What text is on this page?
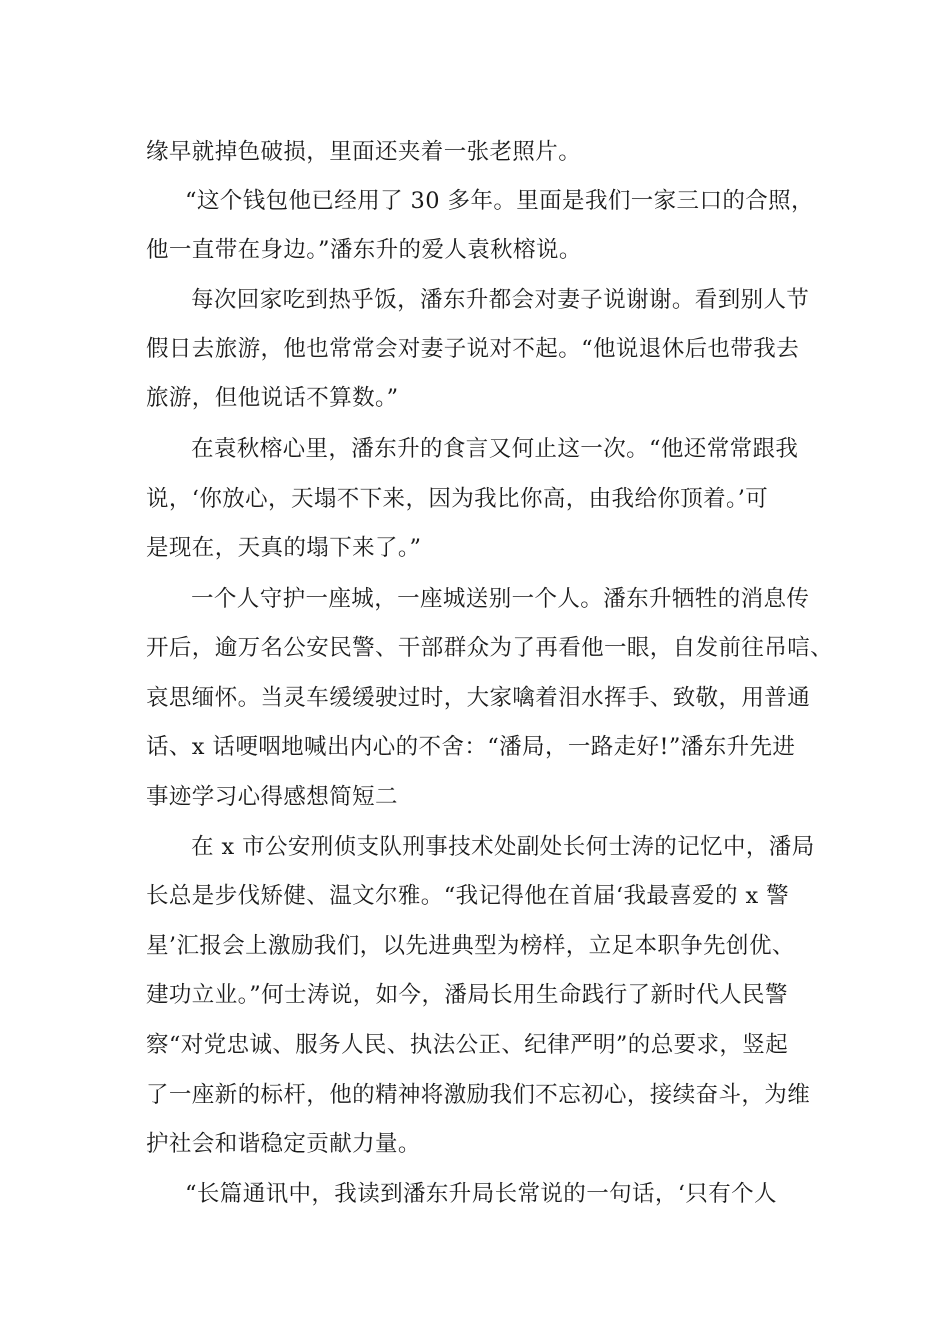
缘早就掉色破损，里面还夹着一张老照片。
“这个钱包他已经用了 30 多年。里面是我们一家三口的合照，
他一直带在身边。”潘东升的爱人袁秋榕说。
每次回家吃到热乎饭，潘东升都会对妻子说谢谢。看到别人节
假日去旅游，他也常常会对妻子说对不起。“他说退休后也带我去
旅游，但他说话不算数。”
在袁秋榕心里，潘东升的食言又何止这一次。“他还常常跟我
说，‘你放心，天塌不下来，因为我比你高，由我给你顶着。’可
是现在，天真的塌下来了。”
一个人守护一座城，一座城送别一个人。潘东升牺牲的消息传
开后，逾万名公安民警、干部群众为了再看他一眼，自发前往吊唁、
哀思缅怀。当灵车缓缓驶过时，大家噙着泪水挥手、致敬，用普通
话、x 话哽咽地喊出内心的不舍：“潘局，一路走好!”潘东升先进
事迹学习心得感想简短二
在 x 市公安刑侦支队刑事技术处副处长何士涛的记忆中，潘局
长总是步伐矫健、温文尔雅。“我记得他在首届‘我最喜爱的 x 警
星’汇报会上激励我们，以先进典型为榜样，立足本职争先创优、
建功立业。”何士涛说，如今，潘局长用生命践行了新时代人民警
察“对党忠诚、服务人民、执法公正、纪律严明”的总要求，竖起
了一座新的标杆，他的精神将激励我们不忘初心，接续奋斗，为维
护社会和谐稳定贡献力量。
“长篇通讯中，我读到潘东升局长常说的一句话，‘只有个人
